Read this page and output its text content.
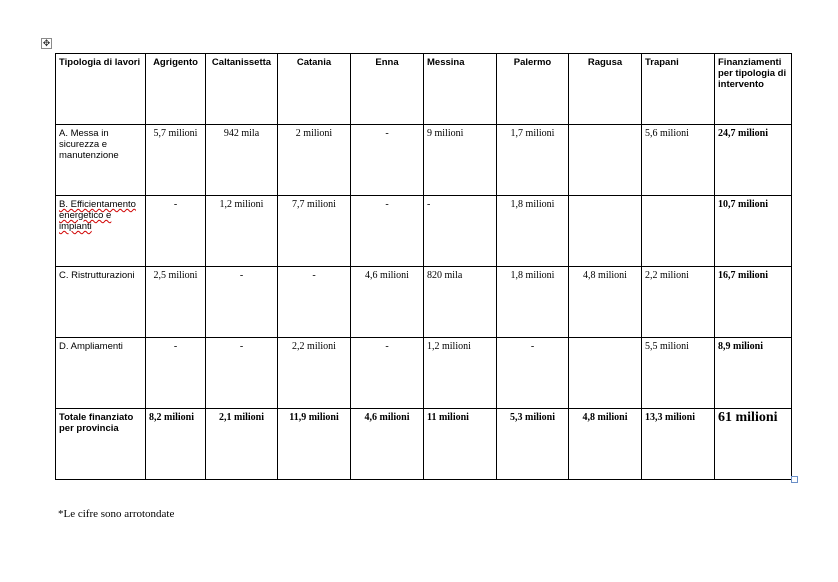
✥
Tipologia di lavori	Agrigento	Caltanissetta	Catania	Enna	Messina	Palermo	Ragusa	Trapani	Finanziamenti per tipologia di intervento
A. Messa in sicurezza e manutenzione	5,7 milioni	942 mila	2 milioni	-	9 milioni	1,7 milioni		5,6 milioni	24,7 milioni
B. Efficientamento energetico e impianti	-	1,2 milioni	7,7 milioni	-	-	1,8 milioni			10,7 milioni
C. Ristrutturazioni	2,5 milioni	-	-	4,6 milioni	820 mila	1,8 milioni	4,8 milioni	2,2 milioni	16,7 milioni
D. Ampliamenti	-	-	2,2 milioni	-	1,2 milioni	-		5,5 milioni	8,9 milioni
Totale finanziato per provincia	8,2 milioni	2,1 milioni	11,9 milioni	4,6 milioni	11 milioni	5,3 milioni	4,8 milioni	13,3 milioni	61 milioni
*Le cifre sono arrotondate
